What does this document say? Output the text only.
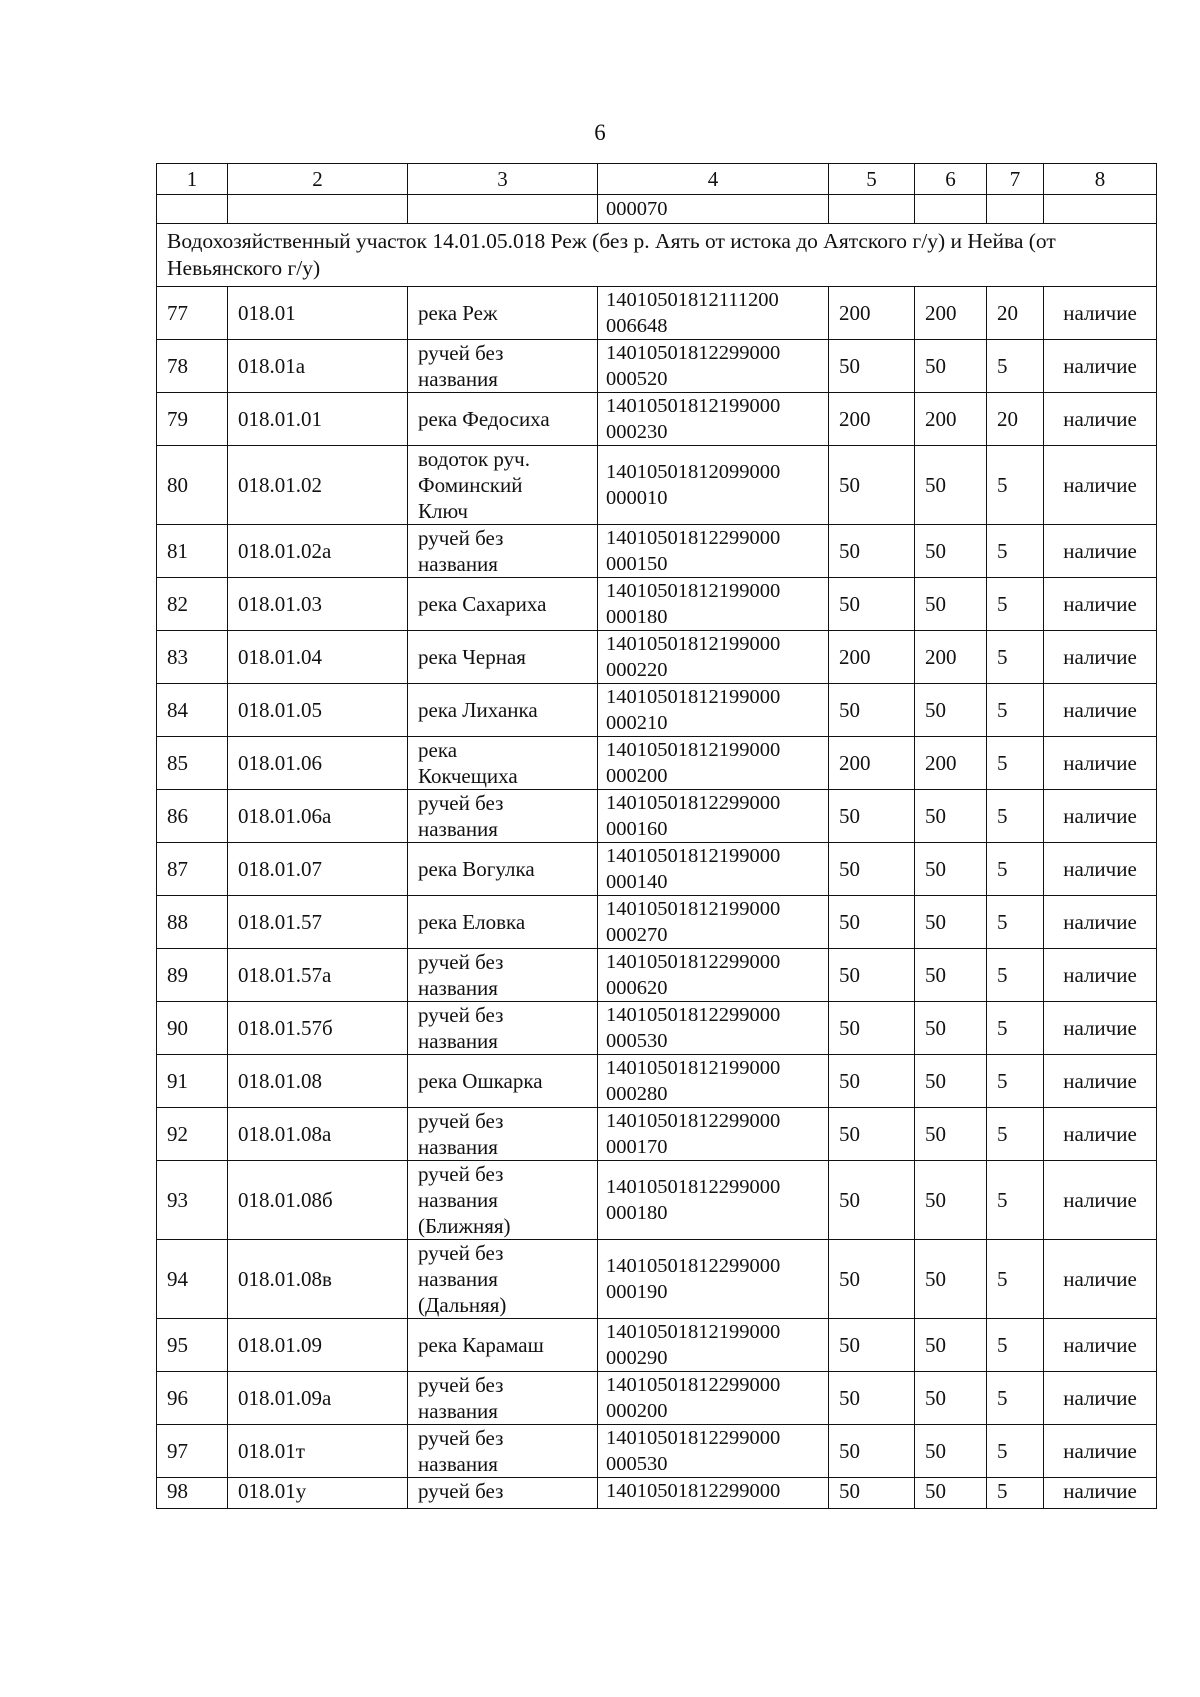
6
1	2	3	4	5	6	7	8
			000070				
Водохозяйственный участок 14.01.05.018 Реж (без р. Аять от истока до Аятского г/у) и Нейва (от Невьянского г/у)							
77	018.01	река Реж	14010501812111200
006648	200	200	20	наличие
78	018.01а	ручей без
названия	14010501812299000
000520	50	50	5	наличие
79	018.01.01	река Федосиха	14010501812199000
000230	200	200	20	наличие
80	018.01.02	водоток руч.
Фоминский
Ключ	14010501812099000
000010	50	50	5	наличие
81	018.01.02а	ручей без
названия	14010501812299000
000150	50	50	5	наличие
82	018.01.03	река Сахариха	14010501812199000
000180	50	50	5	наличие
83	018.01.04	река Черная	14010501812199000
000220	200	200	5	наличие
84	018.01.05	река Лиханка	14010501812199000
000210	50	50	5	наличие
85	018.01.06	река
Кокчещиха	14010501812199000
000200	200	200	5	наличие
86	018.01.06а	ручей без
названия	14010501812299000
000160	50	50	5	наличие
87	018.01.07	река Вогулка	14010501812199000
000140	50	50	5	наличие
88	018.01.57	река Еловка	14010501812199000
000270	50	50	5	наличие
89	018.01.57а	ручей без
названия	14010501812299000
000620	50	50	5	наличие
90	018.01.57б	ручей без
названия	14010501812299000
000530	50	50	5	наличие
91	018.01.08	река Ошкарка	14010501812199000
000280	50	50	5	наличие
92	018.01.08а	ручей без
названия	14010501812299000
000170	50	50	5	наличие
93	018.01.08б	ручей без
названия
(Ближняя)	14010501812299000
000180	50	50	5	наличие
94	018.01.08в	ручей без
названия
(Дальняя)	14010501812299000
000190	50	50	5	наличие
95	018.01.09	река Карамаш	14010501812199000
000290	50	50	5	наличие
96	018.01.09а	ручей без
названия	14010501812299000
000200	50	50	5	наличие
97	018.01т	ручей без
названия	14010501812299000
000530	50	50	5	наличие
98	018.01у	ручей без	14010501812299000	50	50	5	наличие
